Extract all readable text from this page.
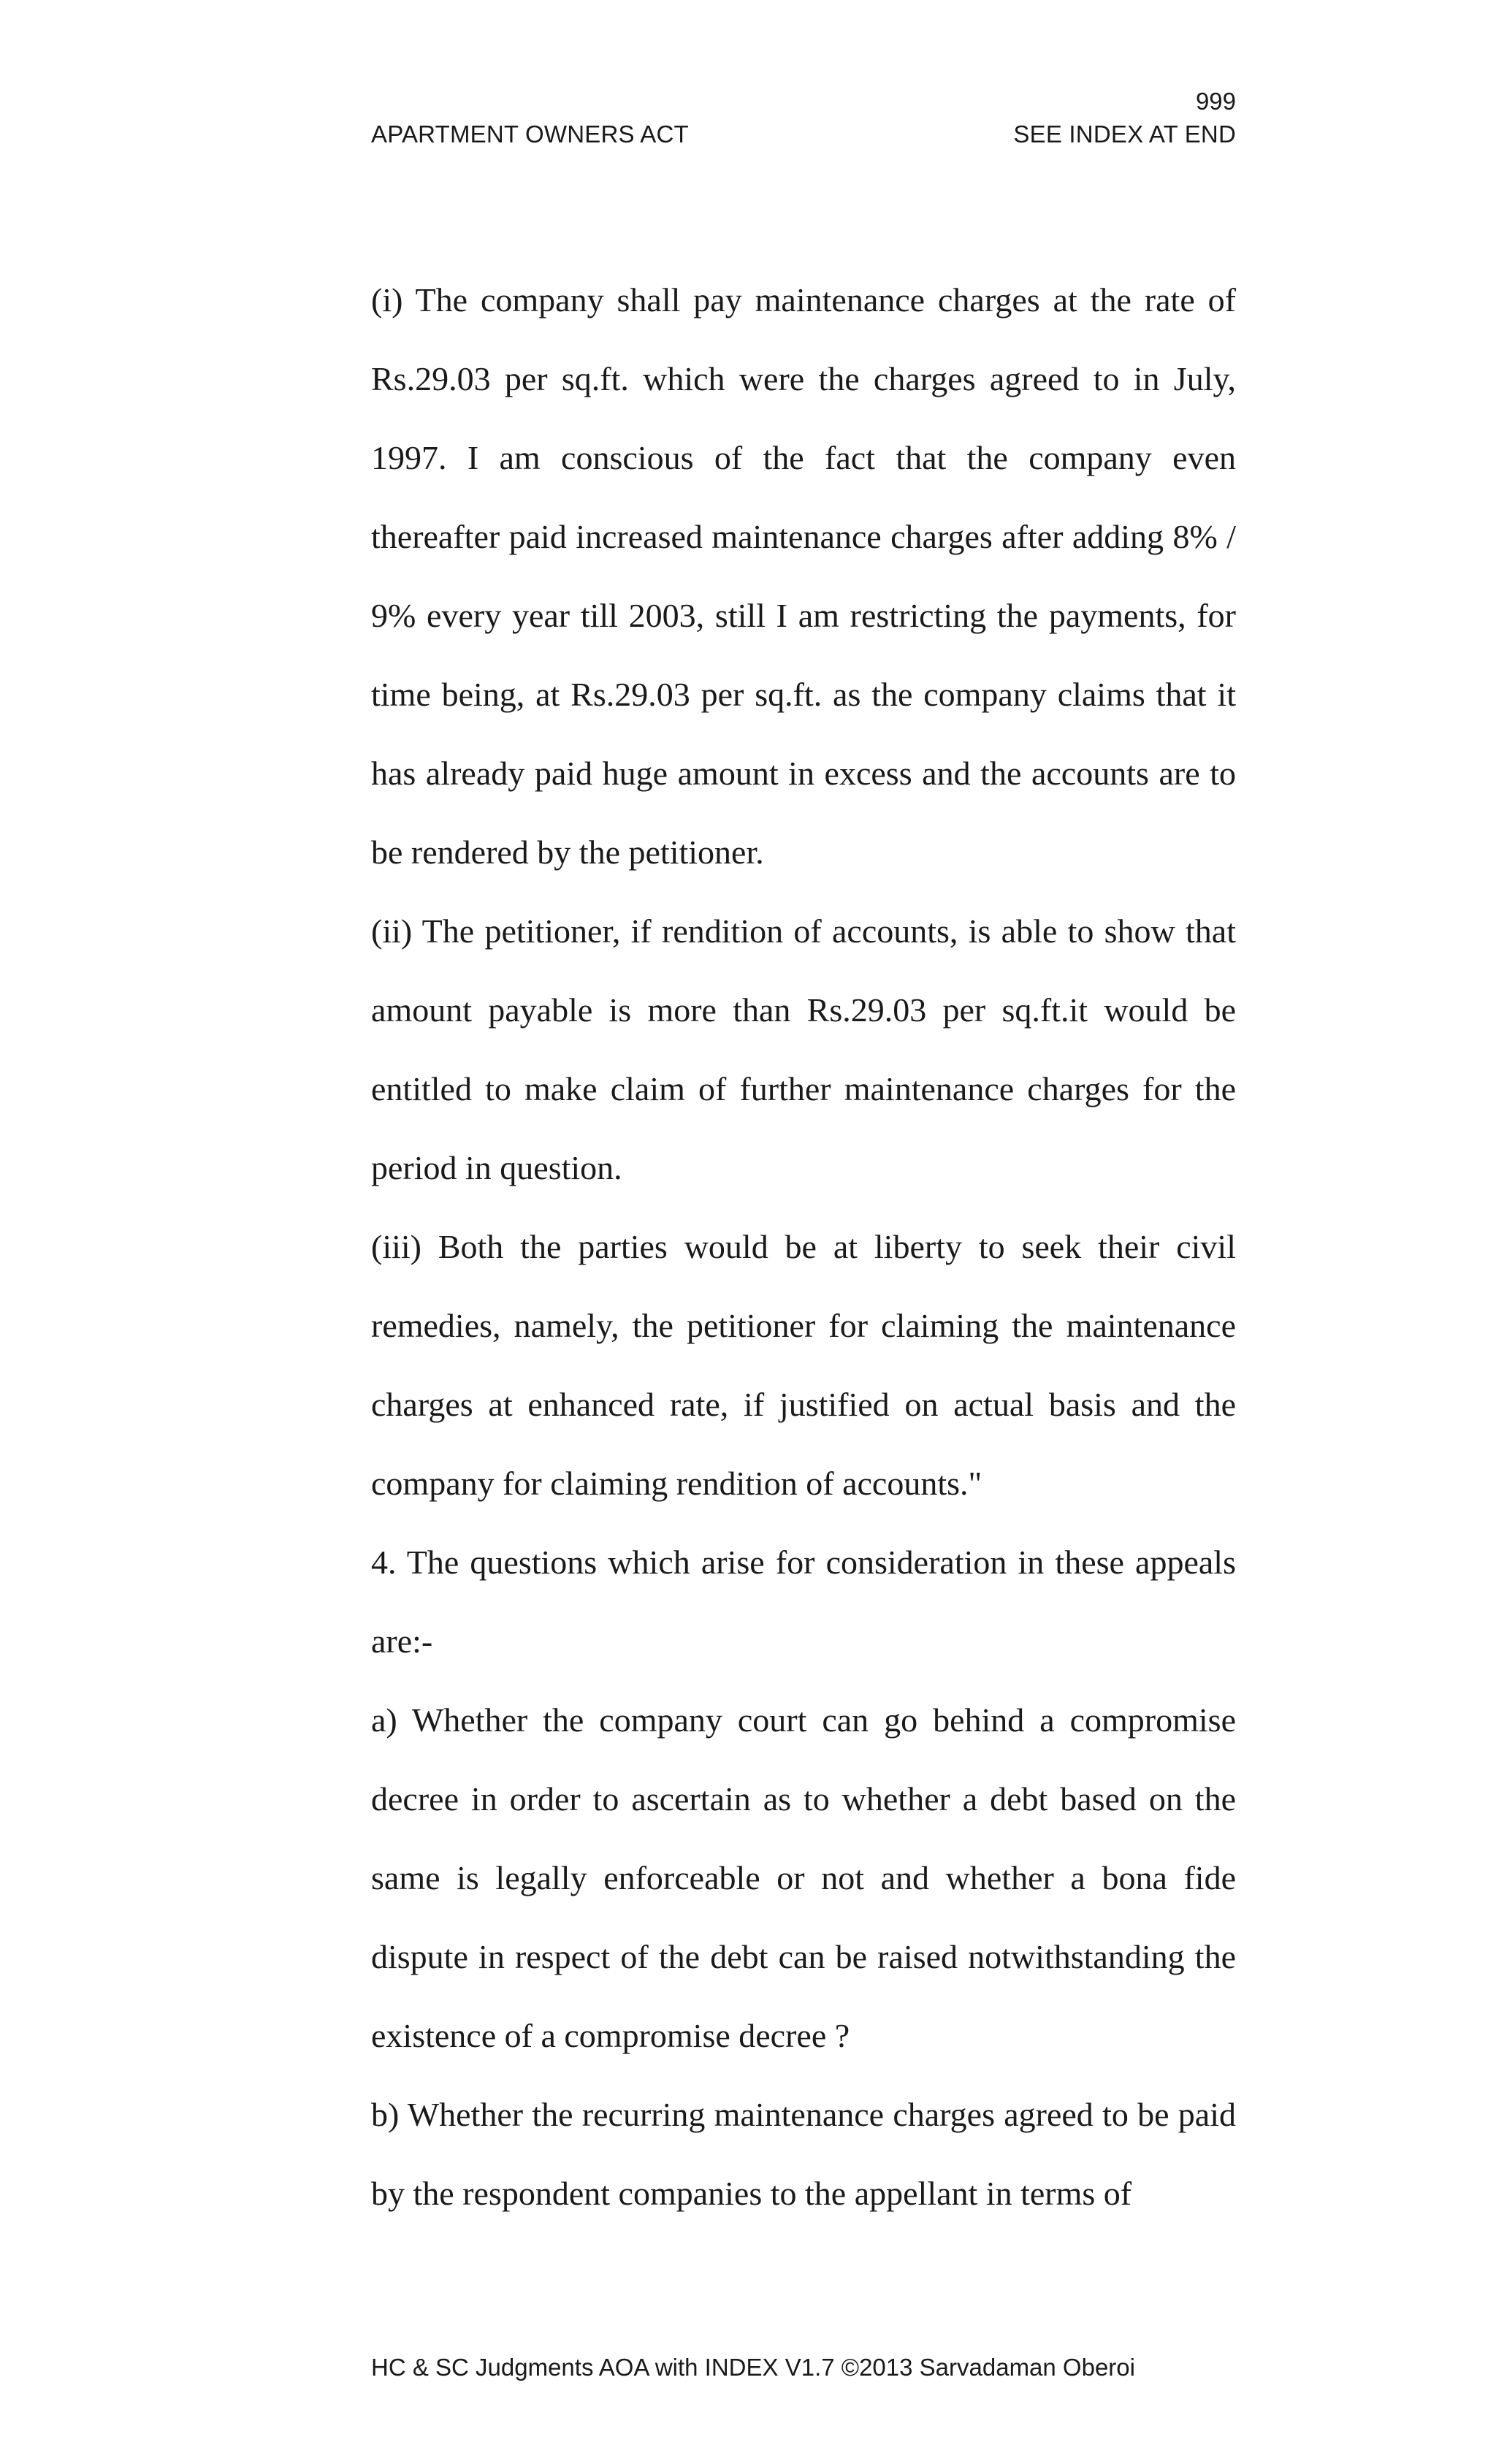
999
APARTMENT OWNERS ACT	SEE INDEX AT END

(i) The company shall pay maintenance charges at the rate of Rs.29.03 per sq.ft. which were the charges agreed to in July, 1997. I am conscious of the fact that the company even thereafter paid increased maintenance charges after adding 8% / 9% every year till 2003, still I am restricting the payments, for time being, at Rs.29.03 per sq.ft. as the company claims that it has already paid huge amount in excess and the accounts are to be rendered by the petitioner.

(ii) The petitioner, if rendition of accounts, is able to show that amount payable is more than Rs.29.03 per sq.ft.it would be entitled to make claim of further maintenance charges for the period in question.

(iii) Both the parties would be at liberty to seek their civil remedies, namely, the petitioner for claiming the maintenance charges at enhanced rate, if justified on actual basis and the company for claiming rendition of accounts."

4. The questions which arise for consideration in these appeals are:-

a) Whether the company court can go behind a compromise decree in order to ascertain as to whether a debt based on the same is legally enforceable or not and whether a bona fide dispute in respect of the debt can be raised notwithstanding the existence of a compromise decree ?

b) Whether the recurring maintenance charges agreed to be paid by the respondent companies to the appellant in terms of

HC & SC Judgments AOA with INDEX V1.7 ©2013 Sarvadaman Oberoi
